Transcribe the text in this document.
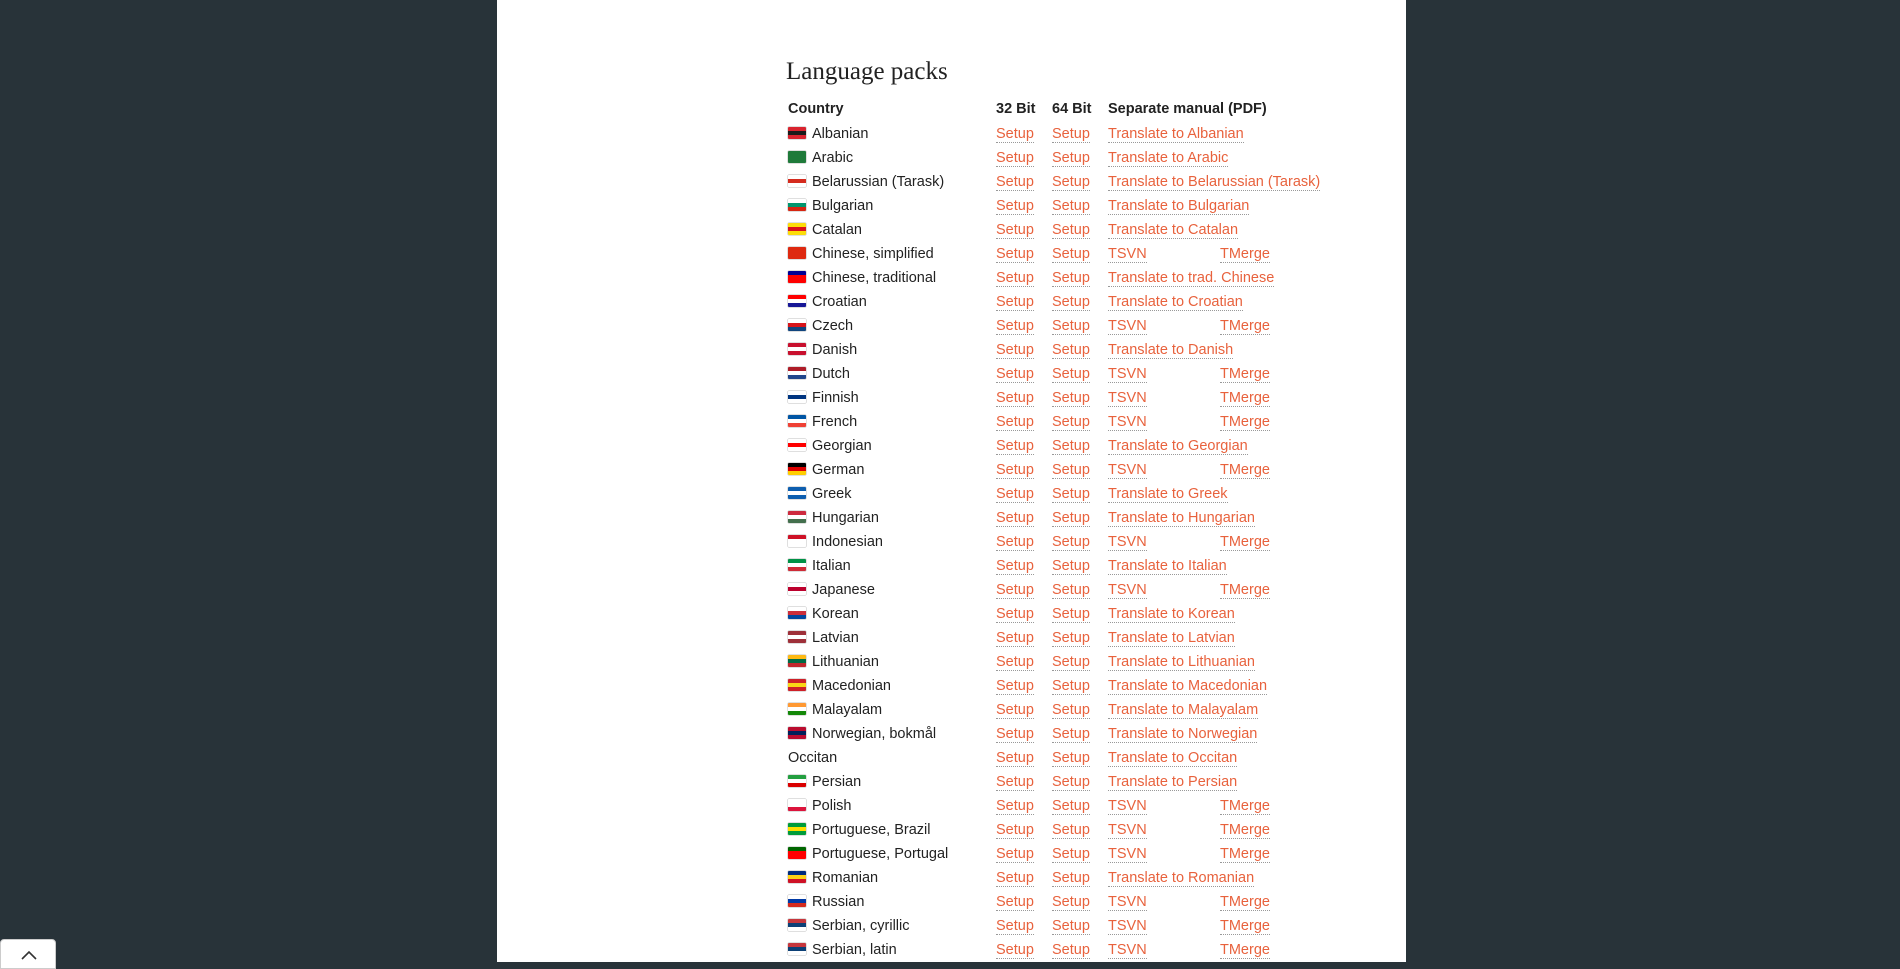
Language packs
Country	32 Bit	64 Bit	Separate manual (PDF)	
Albanian	Setup	Setup	Translate to Albanian	
Arabic	Setup	Setup	Translate to Arabic	
Belarussian (Tarask)	Setup	Setup	Translate to Belarussian (Tarask)	
Bulgarian	Setup	Setup	Translate to Bulgarian	
Catalan	Setup	Setup	Translate to Catalan	
Chinese, simplified	Setup	Setup	TSVN	TMerge
Chinese, traditional	Setup	Setup	Translate to trad. Chinese	
Croatian	Setup	Setup	Translate to Croatian	
Czech	Setup	Setup	TSVN	TMerge
Danish	Setup	Setup	Translate to Danish	
Dutch	Setup	Setup	TSVN	TMerge
Finnish	Setup	Setup	TSVN	TMerge
French	Setup	Setup	TSVN	TMerge
Georgian	Setup	Setup	Translate to Georgian	
German	Setup	Setup	TSVN	TMerge
Greek	Setup	Setup	Translate to Greek	
Hungarian	Setup	Setup	Translate to Hungarian	
Indonesian	Setup	Setup	TSVN	TMerge
Italian	Setup	Setup	Translate to Italian	
Japanese	Setup	Setup	TSVN	TMerge
Korean	Setup	Setup	Translate to Korean	
Latvian	Setup	Setup	Translate to Latvian	
Lithuanian	Setup	Setup	Translate to Lithuanian	
Macedonian	Setup	Setup	Translate to Macedonian	
Malayalam	Setup	Setup	Translate to Malayalam	
Norwegian, bokmål	Setup	Setup	Translate to Norwegian	
Occitan	Setup	Setup	Translate to Occitan	
Persian	Setup	Setup	Translate to Persian	
Polish	Setup	Setup	TSVN	TMerge
Portuguese, Brazil	Setup	Setup	TSVN	TMerge
Portuguese, Portugal	Setup	Setup	TSVN	TMerge
Romanian	Setup	Setup	Translate to Romanian	
Russian	Setup	Setup	TSVN	TMerge
Serbian, cyrillic	Setup	Setup	TSVN	TMerge
Serbian, latin	Setup	Setup	TSVN	TMerge
